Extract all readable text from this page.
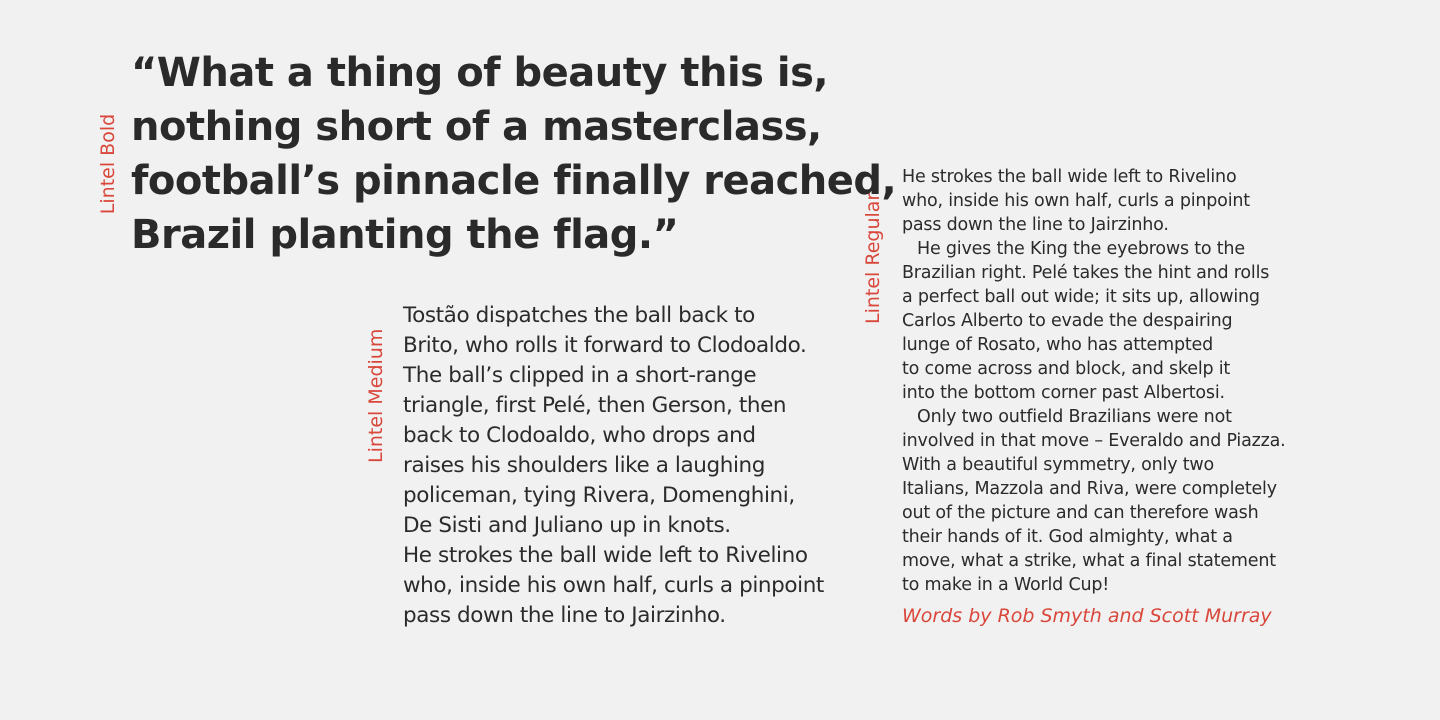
Lintel Bold
Lintel Medium
Lintel Regular
“What a thing of beauty this is,
nothing short of a masterclass,
football’s pinnacle finally reached,
Brazil planting the flag.”
Tostão dispatches the ball back to
Brito, who rolls it forward to Clodoaldo.
The ball’s clipped in a short-range
triangle, first Pelé, then Gerson, then
back to Clodoaldo, who drops and
raises his shoulders like a laughing
policeman, tying Rivera, Domenghini,
De Sisti and Juliano up in knots.
He strokes the ball wide left to Rivelino
who, inside his own half, curls a pinpoint
pass down the line to Jairzinho.
He strokes the ball wide left to Rivelino
who, inside his own half, curls a pinpoint
pass down the line to Jairzinho.
He gives the King the eyebrows to the
Brazilian right. Pelé takes the hint and rolls
a perfect ball out wide; it sits up, allowing
Carlos Alberto to evade the despairing
lunge of Rosato, who has attempted
to come across and block, and skelp it
into the bottom corner past Albertosi.
Only two outfield Brazilians were not
involved in that move – Everaldo and Piazza.
With a beautiful symmetry, only two
Italians, Mazzola and Riva, were completely
out of the picture and can therefore wash
their hands of it. God almighty, what a
move, what a strike, what a final statement
to make in a World Cup!
Words by Rob Smyth and Scott Murray
